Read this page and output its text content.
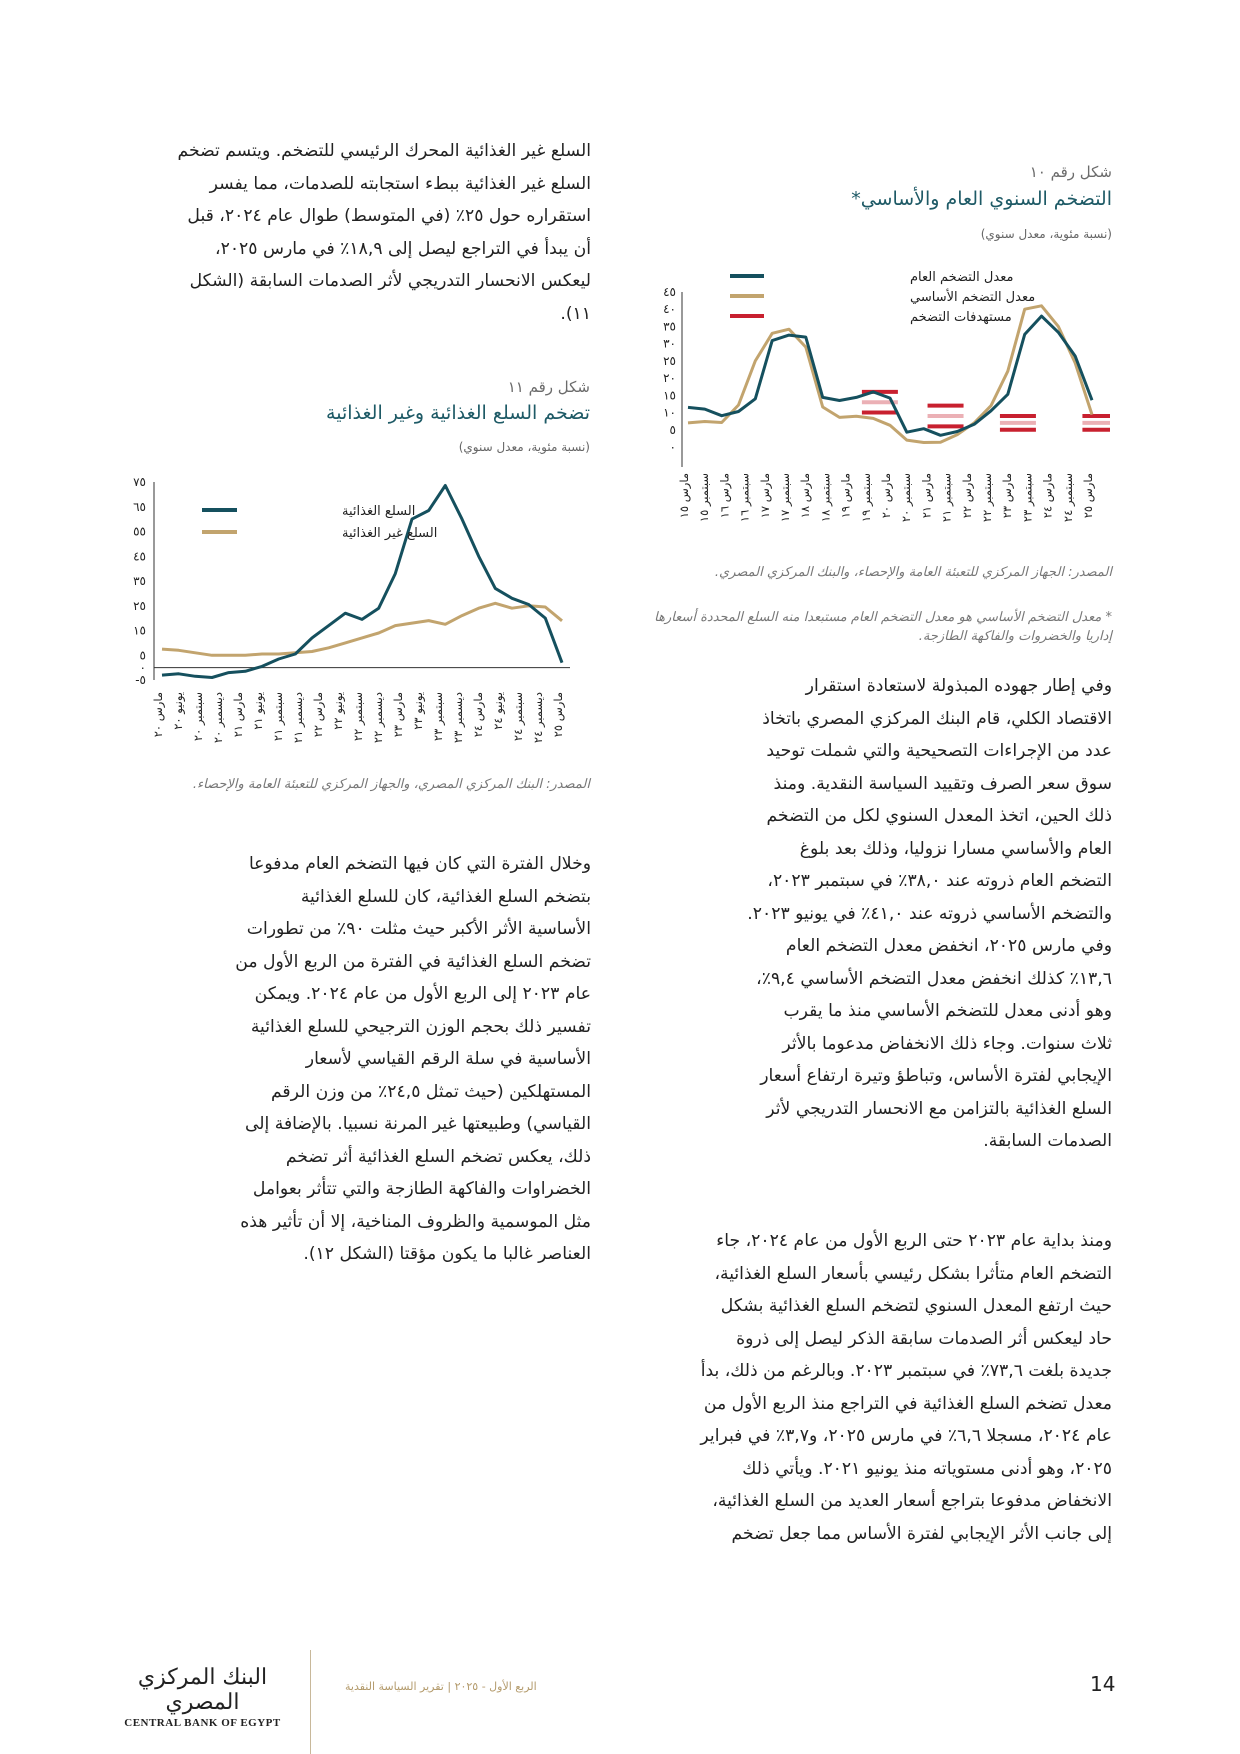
السلع غير الغذائية المحرك الرئيسي للتضخم. ويتسم تضخم
السلع غير الغذائية ببطء استجابته للصدمات، مما يفسر
استقراره حول ٢٥٪ (في المتوسط) طوال عام ٢٠٢٤، قبل
أن يبدأ في التراجع ليصل إلى ١٨,٩٪ في مارس ٢٠٢٥،
ليعكس الانحسار التدريجي لأثر الصدمات السابقة (الشكل
١١).
شكل رقم ١١
تضخم السلع الغذائية وغير الغذائية
(نسبة مئوية، معدل سنوي)
-٥
٠
٥
١٥
٢٥
٣٥
٤٥
٥٥
٦٥
٧٥
مارس ٢٠ يونيو ٢٠
سبتمبر ٢٠
ديسمبر ٢٠
مارس ٢١ يونيو ٢١
سبتمبر ٢١
ديسمبر ٢١
مارس ٢٢ يونيو ٢٢
سبتمبر ٢٢
ديسمبر ٢٢
مارس ٢٣ يونيو ٢٣
سبتمبر ٢٣
ديسمبر ٢٣
مارس ٢٤ يونيو ٢٤
سبتمبر ٢٤
ديسمبر ٢٤
مارس ٢٥
السلع الغذائية
السلع غير الغذائية
المصدر: البنك المركزي المصري، والجهاز المركزي للتعبئة العامة والإحصاء.
وخلال الفترة التي كان فيها التضخم العام مدفوعا
بتضخم السلع الغذائية، كان للسلع الغذائية
الأساسية الأثر الأكبر حيث مثلت ٩٠٪ من تطورات
تضخم السلع الغذائية في الفترة من الربع الأول من
عام ٢٠٢٣ إلى الربع الأول من عام ٢٠٢٤. ويمكن
تفسير ذلك بحجم الوزن الترجيحي للسلع الغذائية
الأساسية في سلة الرقم القياسي لأسعار
المستهلكين (حيث تمثل ٢٤,٥٪ من وزن الرقم
القياسي) وطبيعتها غير المرنة نسبيا. بالإضافة إلى
ذلك، يعكس تضخم السلع الغذائية أثر تضخم
الخضراوات والفاكهة الطازجة والتي تتأثر بعوامل
مثل الموسمية والظروف المناخية، إلا أن تأثير هذه
العناصر غالبا ما يكون مؤقتا (الشكل ١٢).
شكل رقم ١٠
التضخم السنوي العام والأساسي*
(نسبة مئوية، معدل سنوي)
٠
٥
١٠
١٥
٢٠
٢٥
٣٠
٣٥
٤٠
٤٥
مارس ١٥
سبتمبر ١٥
مارس ١٦
سبتمبر ١٦
مارس ١٧
سبتمبر ١٧
مارس ١٨
سبتمبر ١٨
مارس ١٩
سبتمبر ١٩
مارس ٢٠
سبتمبر ٢٠
مارس ٢١
سبتمبر ٢١
مارس ٢٢
سبتمبر ٢٢
مارس ٢٣
سبتمبر ٢٣
مارس ٢٤
سبتمبر ٢٤
مارس ٢٥
معدل التضخم العام
معدل التضخم الأساسي
مستهدفات التضخم
المصدر: الجهاز المركزي للتعبئة العامة والإحصاء، والبنك المركزي المصري.
* معدل التضخم الأساسي هو معدل التضخم العام مستبعدا منه السلع المحددة أسعارها إداريا والخضروات والفاكهة الطازجة.
وفي إطار جهوده المبذولة لاستعادة استقرار
الاقتصاد الكلي، قام البنك المركزي المصري باتخاذ
عدد من الإجراءات التصحيحية والتي شملت توحيد
سوق سعر الصرف وتقييد السياسة النقدية. ومنذ
ذلك الحين، اتخذ المعدل السنوي لكل من التضخم
العام والأساسي مسارا نزوليا، وذلك بعد بلوغ
التضخم العام ذروته عند ٣٨,٠٪ في سبتمبر ٢٠٢٣،
والتضخم الأساسي ذروته عند ٤١,٠٪ في يونيو ٢٠٢٣.
وفي مارس ٢٠٢٥، انخفض معدل التضخم العام
١٣,٦٪ كذلك انخفض معدل التضخم الأساسي ٩,٤٪،
وهو أدنى معدل للتضخم الأساسي منذ ما يقرب
ثلاث سنوات. وجاء ذلك الانخفاض مدعوما بالأثر
الإيجابي لفترة الأساس، وتباطؤ وتيرة ارتفاع أسعار
السلع الغذائية بالتزامن مع الانحسار التدريجي لأثر
الصدمات السابقة.
ومنذ بداية عام ٢٠٢٣ حتى الربع الأول من عام ٢٠٢٤، جاء
التضخم العام متأثرا بشكل رئيسي بأسعار السلع الغذائية،
حيث ارتفع المعدل السنوي لتضخم السلع الغذائية بشكل
حاد ليعكس أثر الصدمات سابقة الذكر ليصل إلى ذروة
جديدة بلغت ٧٣,٦٪ في سبتمبر ٢٠٢٣. وبالرغم من ذلك، بدأ
معدل تضخم السلع الغذائية في التراجع منذ الربع الأول من
عام ٢٠٢٤، مسجلا ٦,٦٪ في مارس ٢٠٢٥، و٣,٧٪ في فبراير
٢٠٢٥، وهو أدنى مستوياته منذ يونيو ٢٠٢١. ويأتي ذلك
الانخفاض مدفوعا بتراجع أسعار العديد من السلع الغذائية،
إلى جانب الأثر الإيجابي لفترة الأساس مما جعل تضخم
البنك المركزي المصري
CENTRAL BANK OF EGYPT
الربع الأول - ٢٠٢٥ | تقرير السياسة النقدية	14
